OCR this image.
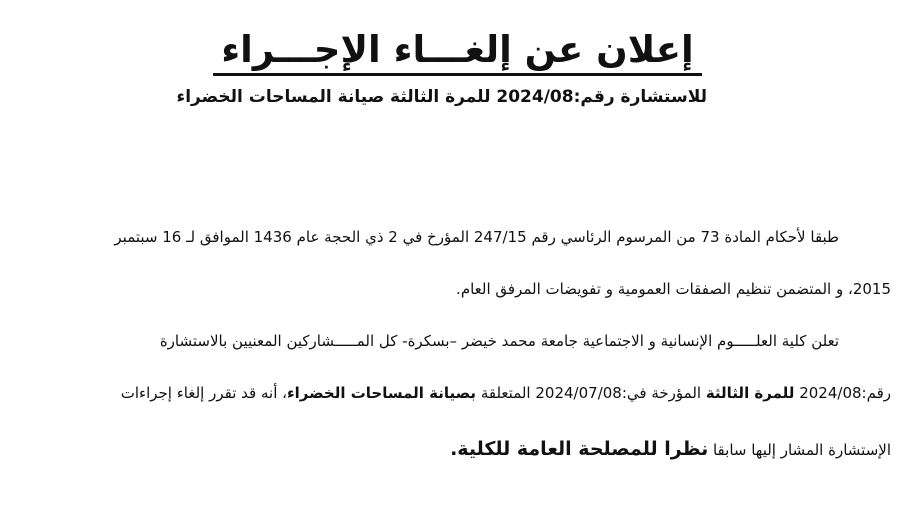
إعلان عن إلغـــاء الإجـــراء

للاستشارة رقم:2024/08 للمرة الثالثة صيانة المساحات الخضراء

طبقا لأحكام المادة 73 من المرسوم الرئاسي رقم 247/15 المؤرخ في 2 ذي الحجة عام 1436 الموافق لـ 16 سبتمبر

2015، و المتضمن تنظيم الصفقات العمومية و تفويضات المرفق العام.

تعلن كلية العلـــــوم الإنسانية و الاجتماعية جامعة محمد خيضر –بسكرة- كل المـــــشاركين المعنيين بالاستشارة

رقم:2024/08 للمرة الثالثة المؤرخة في:2024/07/08 المتعلقة بصيانة المساحات الخضراء، أنه قد تقرر إلغاء إجراءات

الإستشارة المشار إليها سابقا نظرا للمصلحة العامة للكلية.
